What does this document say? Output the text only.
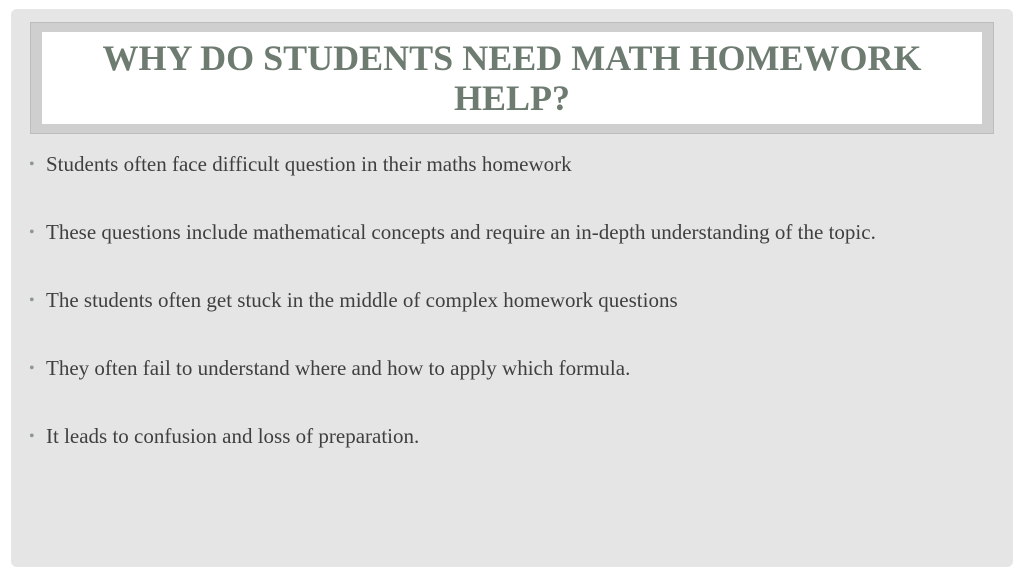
WHY DO STUDENTS NEED MATH HOMEWORK HELP?
• Students often face difficult question in their maths homework
• These questions include mathematical concepts and require an in-depth understanding of the topic.
• The students often get stuck in the middle of complex homework questions
• They often fail to understand where and how to apply which formula.
• It leads to confusion and loss of preparation.
